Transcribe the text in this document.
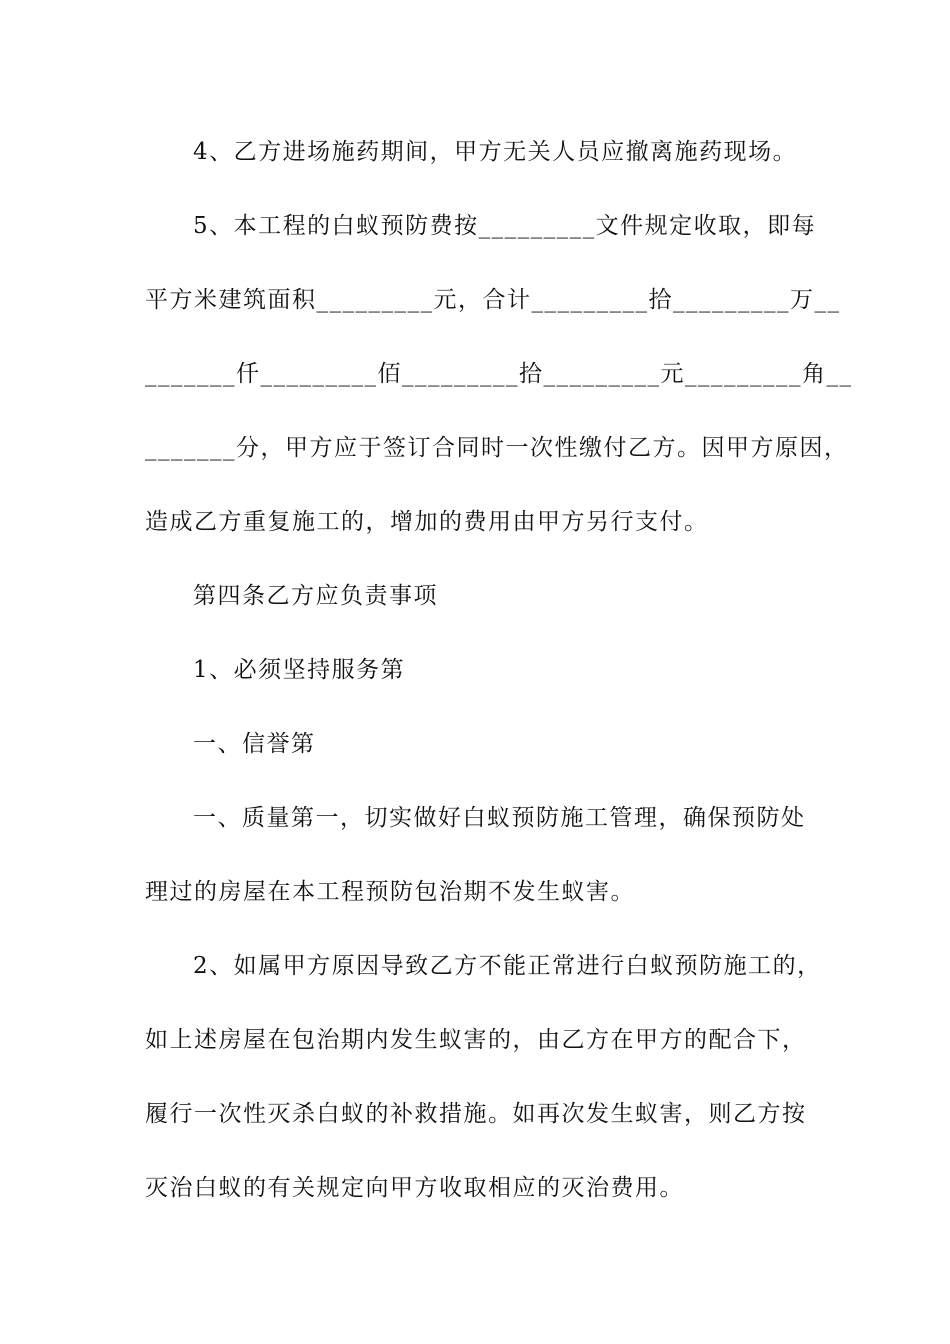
4、乙方进场施药期间，甲方无关人员应撤离施药现场。
5、本工程的白蚁预防费按_________文件规定收取，即每
平方米建筑面积_________元，合计_________拾_________万__
_______仟_________佰_________拾_________元_________角__
_______分，甲方应于签订合同时一次性缴付乙方。因甲方原因，
造成乙方重复施工的，增加的费用由甲方另行支付。
第四条乙方应负责事项
1、必须坚持服务第
一、信誉第
一、质量第一，切实做好白蚁预防施工管理，确保预防处
理过的房屋在本工程预防包治期不发生蚁害。
2、如属甲方原因导致乙方不能正常进行白蚁预防施工的，
如上述房屋在包治期内发生蚁害的，由乙方在甲方的配合下，
履行一次性灭杀白蚁的补救措施。如再次发生蚁害，则乙方按
灭治白蚁的有关规定向甲方收取相应的灭治费用。
